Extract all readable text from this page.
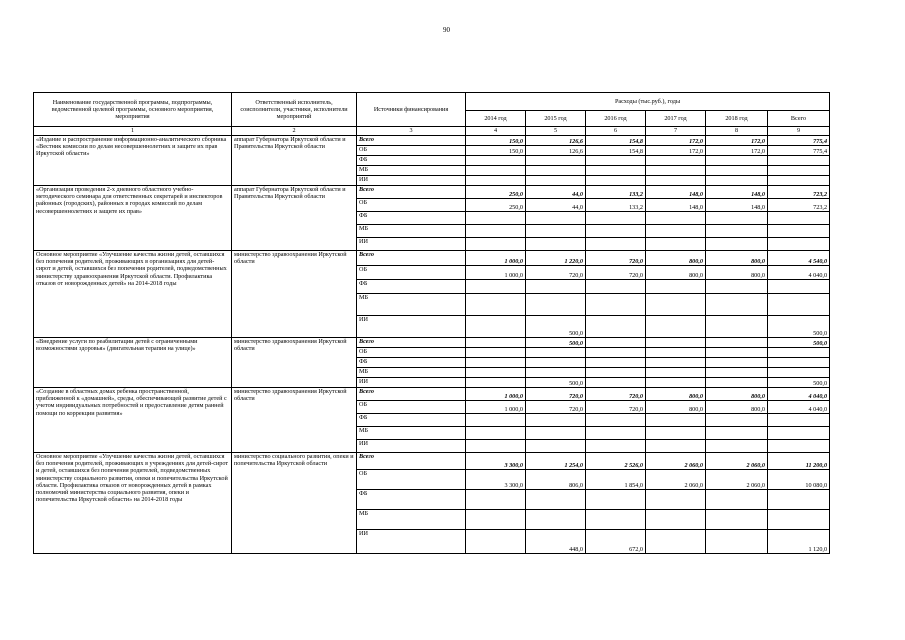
90
Наименование государственной программы, подпрограммы, ведомственной целевой программы, основного мероприятия, мероприятия	Ответственный исполнитель, соисполнители, участники, исполнители мероприятий	Источники финансирования	Расходы (тыс.руб.), годы					
			2014 год	2015 год	2016 год	2017 год	2018 год	Всего
1	2	3	4	5	6	7	8	9
«Издание и распространение информационно-аналитического сборника «Вестник комиссии по делам несовершеннолетних и защите их прав Иркутской области»	аппарат Губернатора Иркутской области и Правительства Иркутской области	Всего	150,0	126,6	154,8	172,0	172,0	775,4
		ОБ	150,0	126,6	154,8	172,0	172,0	775,4
		ФБ						
		МБ						
		ИИ						
«Организация проведения 2-х дневного областного учебно-методического семинара для ответственных секретарей и инспекторов районных (городских), районных в городах комиссий по делам несовершеннолетних и защите их прав»	аппарат Губернатора Иркутской области и Правительства Иркутской области	Всего	250,0	44,0	133,2	148,0	148,0	723,2
		ОБ	250,0	44,0	133,2	148,0	148,0	723,2
		ФБ						
		МБ						
		ИИ						
Основное мероприятие «Улучшение качества жизни детей, оставшихся без попечения родителей, проживающих в организациях для детей-сирот и детей, оставшихся без попечения родителей, подведомственных министерству здравоохранения Иркутской области. Профилактика отказов от новорожденных детей» на 2014-2018 годы	министерство здравоохранения Иркутской области	Всего	1 000,0	1 220,0	720,0	800,0	800,0	4 540,0
		ОБ	1 000,0	720,0	720,0	800,0	800,0	4 040,0
		ФБ						
		МБ						
		ИИ		500,0				500,0
«Внедрение услуги по реабилитации детей с ограниченными возможностями здоровья» (двигательная терапия на улице)»	министерство здравоохранения Иркутской области	Всего		500,0				500,0
		ОБ						
		ФБ						
		МБ						
		ИИ		500,0				500,0
«Создание в областных домах ребенка пространственной, приближенной к «домашней», среды, обеспечивающей развитие детей с учетом индивидуальных потребностей и предоставление детям ранней помощи по коррекции развития»	министерство здравоохранения Иркутской области	Всего	1 000,0	720,0	720,0	800,0	800,0	4 040,0
		ОБ	1 000,0	720,0	720,0	800,0	800,0	4 040,0
		ФБ						
		МБ						
		ИИ						
Основное мероприятие «Улучшение качества жизни детей, оставшихся без попечения родителей, проживающих в учреждениях для детей-сирот и детей, оставшихся без попечения родителей, подведомственных министерству социального развития, опеки и попечительства Иркутской области. Профилактика отказов от новорожденных детей в рамках полномочий министерства социального развития, опеки и попечительства Иркутской области» на 2014-2018 годы	министерство социального развития, опеки и попечительства Иркутской области	Всего	3 300,0	1 254,0	2 526,0	2 060,0	2 060,0	11 200,0
		ОБ	3 300,0	806,0	1 854,0	2 060,0	2 060,0	10 080,0
		ФБ						
		МБ						
		ИИ		448,0	672,0			1 120,0
